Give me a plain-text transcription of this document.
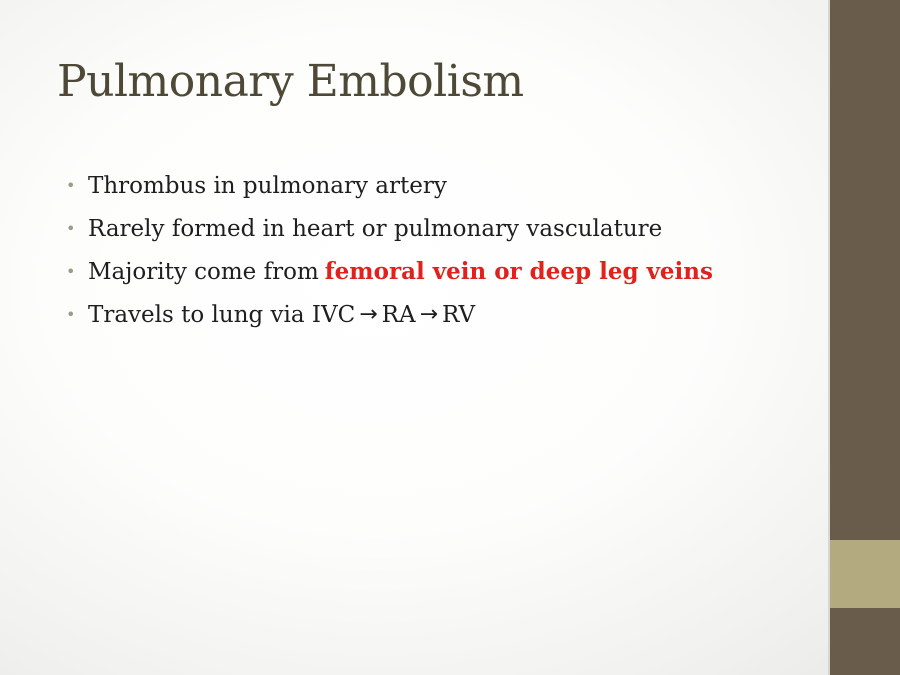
Pulmonary Embolism
• Thrombus in pulmonary artery
• Rarely formed in heart or pulmonary vasculature
• Majority come from femoral vein or deep leg veins
• Travels to lung via IVC → RA → RV
